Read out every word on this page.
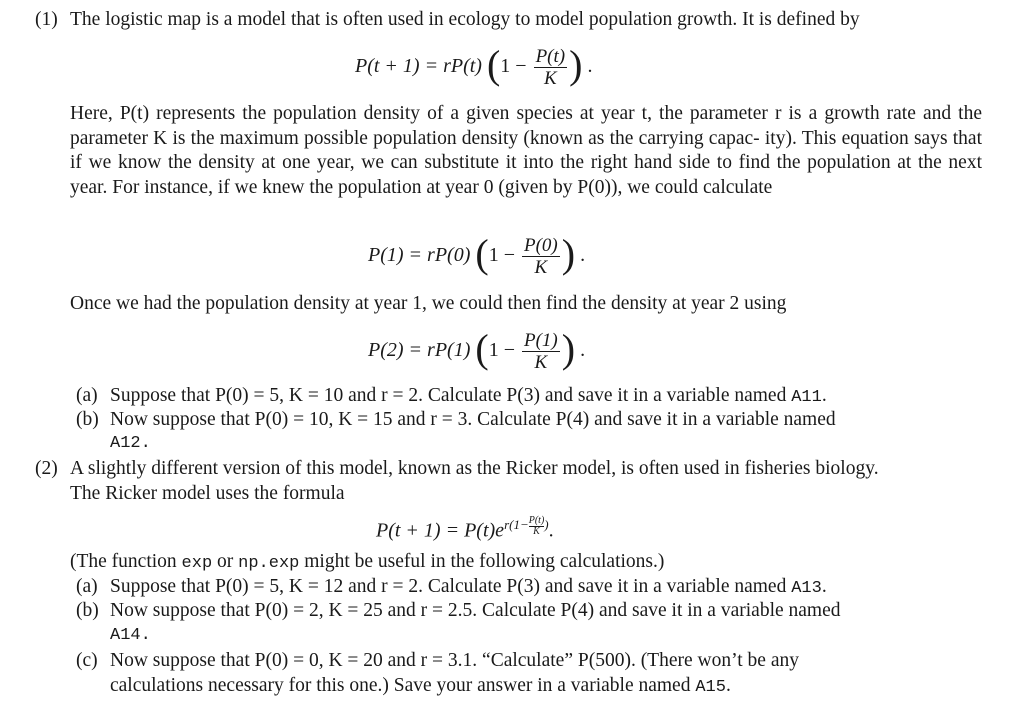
(1) The logistic map is a model that is often used in ecology to model population growth. It is defined by
P(t + 1) = rP(t) ($1 - \frac{P(t)}{K}$ ) .
Here, P(t) represents the population density of a given species at year t, the parameter r is a growth rate and the parameter K is the maximum possible population density (known as the carrying capac- ity). This equation says that if we know the density at one year, we can substitute it into the right hand side to find the population at the next year. For instance, if we knew the population at year 0 (given by P(0)), we could calculate
P(1) = rP(0) ($1 - \frac{P(0)}{K}$ ) .
Once we had the population density at year 1, we could then find the density at year 2 using
P(2) = rP(1) ($1 - \frac{P(1)}{K}$ ) .
(a) Suppose that P(0) = 5, K = 10 and r = 2. Calculate P(3) and save it in a variable named A11.
(b) Now suppose that P(0) = 10, K = 15 and r = 3. Calculate P(4) and save it in a variable named
A12.
(2) A slightly different version of this model, known as the Ricker model, is often used in fisheries biology.
The Ricker model uses the formula
$P(t + 1) = P(t)e^{r(1- \frac{P(t)}{K})}$.
(The function exp or np.exp might be useful in the following calculations.)
(a) Suppose that P(0) = 5, K = 12 and r = 2. Calculate P(3) and save it in a variable named A13.
(b) Now suppose that P(0) = 2, K = 25 and r = 2.5. Calculate P(4) and save it in a variable named
A14.
(c) Now suppose that P(0) = 0, K = 20 and r = 3.1. “Calculate” P(500). (There won’t be any
calculations necessary for this one.) Save your answer in a variable named A15.
